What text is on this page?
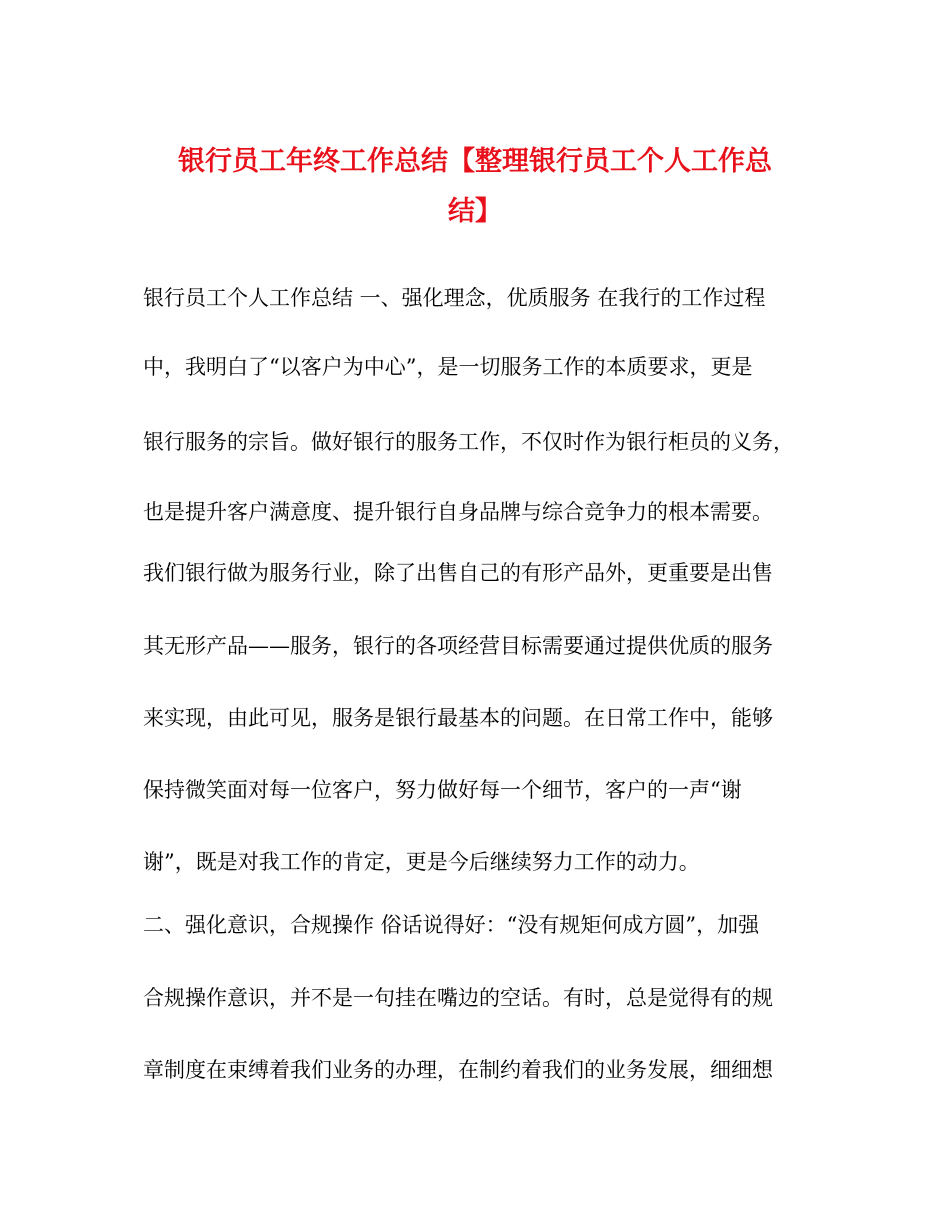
银行员工年终工作总结【整理银行员工个人工作总
结】
银行员工个人工作总结 一、强化理念，优质服务 在我行的工作过程
中，我明白了“以客户为中心”，是一切服务工作的本质要求，更是
银行服务的宗旨。做好银行的服务工作，不仅时作为银行柜员的义务，
也是提升客户满意度、提升银行自身品牌与综合竞争力的根本需要。
我们银行做为服务行业，除了出售自己的有形产品外，更重要是出售
其无形产品——服务，银行的各项经营目标需要通过提供优质的服务
来实现，由此可见，服务是银行最基本的问题。在日常工作中，能够
保持微笑面对每一位客户，努力做好每一个细节，客户的一声“谢
谢”，既是对我工作的肯定，更是今后继续努力工作的动力。
二、强化意识，合规操作 俗话说得好：“没有规矩何成方圆”，加强
合规操作意识，并不是一句挂在嘴边的空话。有时，总是觉得有的规
章制度在束缚着我们业务的办理，在制约着我们的业务发展，细细想
